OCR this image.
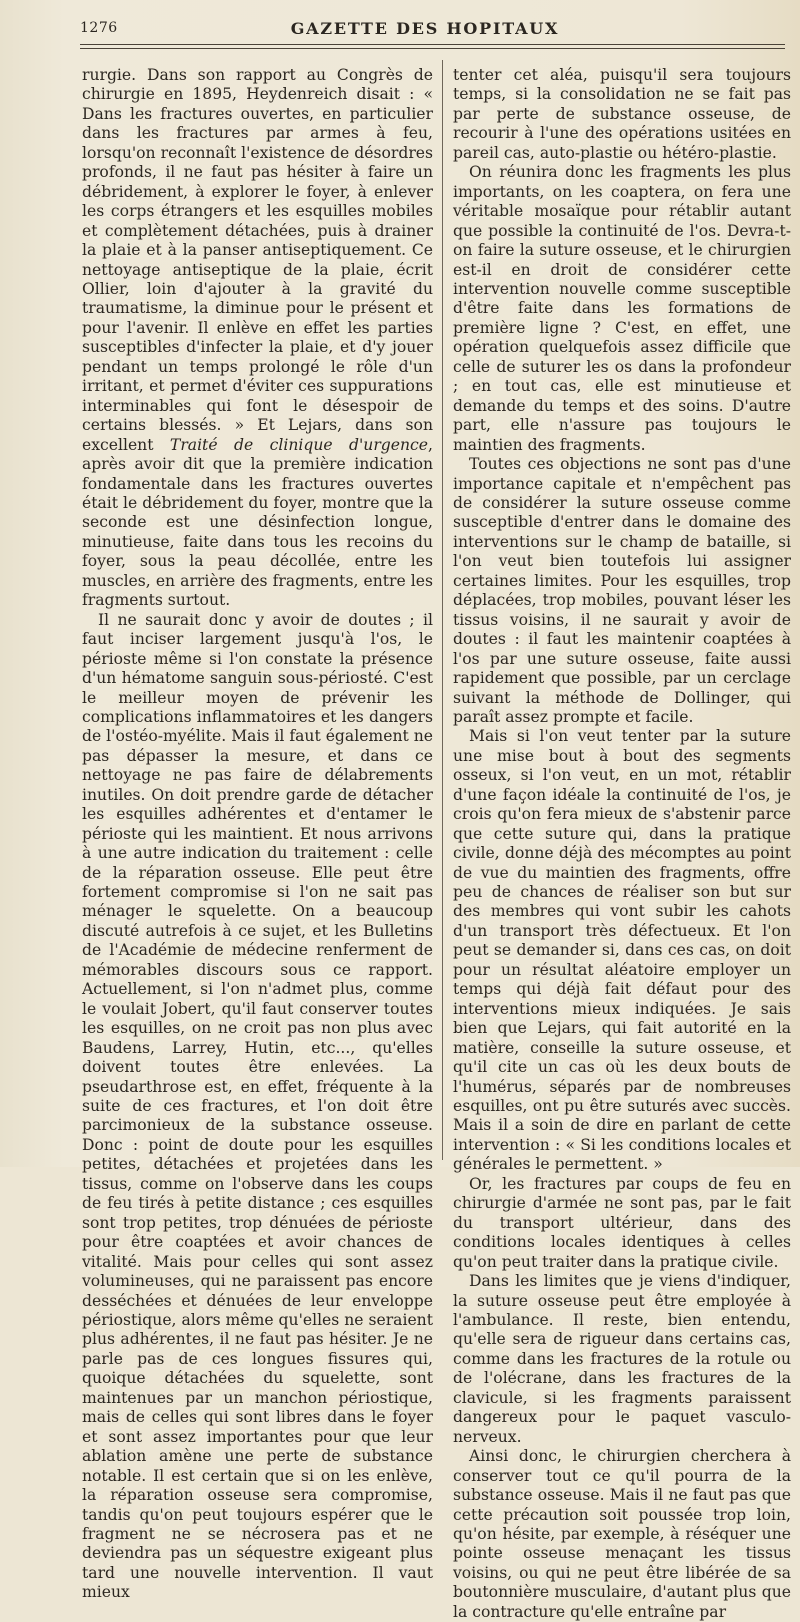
1276	GAZETTE DES HOPITAUX

rurgie. Dans son rapport au Congrès de chirurgie en 1895, Heydenreich disait : « Dans les fractures ouvertes, en particulier dans les fractures par armes à feu, lorsqu'on reconnaît l'existence de désordres profonds, il ne faut pas hésiter à faire un débridement, à explorer le foyer, à enlever les corps étrangers et les esquilles mobiles et complètement détachées, puis à drainer la plaie et à la panser antiseptiquement. Ce nettoyage antiseptique de la plaie, écrit Ollier, loin d'ajouter à la gravité du traumatisme, la diminue pour le présent et pour l'avenir. Il enlève en effet les parties susceptibles d'infecter la plaie, et d'y jouer pendant un temps prolongé le rôle d'un irritant, et permet d'éviter ces suppurations interminables qui font le désespoir de certains blessés. » Et Lejars, dans son excellent Traité de clinique d'urgence, après avoir dit que la première indication fondamentale dans les fractures ouvertes était le débridement du foyer, montre que la seconde est une désinfection longue, minutieuse, faite dans tous les recoins du foyer, sous la peau décollée, entre les muscles, en arrière des fragments, entre les fragments surtout.

Il ne saurait donc y avoir de doutes ; il faut inciser largement jusqu'à l'os, le périoste même si l'on constate la présence d'un hématome sanguin sous-périosté. C'est le meilleur moyen de prévenir les complications inflammatoires et les dangers de l'ostéo-myélite. Mais il faut également ne pas dépasser la mesure, et dans ce nettoyage ne pas faire de délabrements inutiles. On doit prendre garde de détacher les esquilles adhérentes et d'entamer le périoste qui les maintient. Et nous arrivons à une autre indication du traitement : celle de la réparation osseuse. Elle peut être fortement compromise si l'on ne sait pas ménager le squelette. On a beaucoup discuté autrefois à ce sujet, et les Bulletins de l'Académie de médecine renferment de mémorables discours sous ce rapport. Actuellement, si l'on n'admet plus, comme le voulait Jobert, qu'il faut conserver toutes les esquilles, on ne croit pas non plus avec Baudens, Larrey, Hutin, etc..., qu'elles doivent toutes être enlevées. La pseudarthrose est, en effet, fréquente à la suite de ces fractures, et l'on doit être parcimonieux de la substance osseuse. Donc : point de doute pour les esquilles petites, détachées et projetées dans les tissus, comme on l'observe dans les coups de feu tirés à petite distance ; ces esquilles sont trop petites, trop dénuées de périoste pour être coaptées et avoir chances de vitalité. Mais pour celles qui sont assez volumineuses, qui ne paraissent pas encore desséchées et dénuées de leur enveloppe périostique, alors même qu'elles ne seraient plus adhérentes, il ne faut pas hésiter. Je ne parle pas de ces longues fissures qui, quoique détachées du squelette, sont maintenues par un manchon périostique, mais de celles qui sont libres dans le foyer et sont assez importantes pour que leur ablation amène une perte de substance notable. Il est certain que si on les enlève, la réparation osseuse sera compromise, tandis qu'on peut toujours espérer que le fragment ne se nécrosera pas et ne deviendra pas un séquestre exigeant plus tard une nouvelle intervention. Il vaut mieux

tenter cet aléa, puisqu'il sera toujours temps, si la consolidation ne se fait pas par perte de substance osseuse, de recourir à l'une des opérations usitées en pareil cas, auto-plastie ou hétéro-plastie.

On réunira donc les fragments les plus importants, on les coaptera, on fera une véritable mosaïque pour rétablir autant que possible la continuité de l'os. Devra-t-on faire la suture osseuse, et le chirurgien est-il en droit de considérer cette intervention nouvelle comme susceptible d'être faite dans les formations de première ligne ? C'est, en effet, une opération quelquefois assez difficile que celle de suturer les os dans la profondeur ; en tout cas, elle est minutieuse et demande du temps et des soins. D'autre part, elle n'assure pas toujours le maintien des fragments.

Toutes ces objections ne sont pas d'une importance capitale et n'empêchent pas de considérer la suture osseuse comme susceptible d'entrer dans le domaine des interventions sur le champ de bataille, si l'on veut bien toutefois lui assigner certaines limites. Pour les esquilles, trop déplacées, trop mobiles, pouvant léser les tissus voisins, il ne saurait y avoir de doutes : il faut les maintenir coaptées à l'os par une suture osseuse, faite aussi rapidement que possible, par un cerclage suivant la méthode de Dollinger, qui paraît assez prompte et facile.

Mais si l'on veut tenter par la suture une mise bout à bout des segments osseux, si l'on veut, en un mot, rétablir d'une façon idéale la continuité de l'os, je crois qu'on fera mieux de s'abstenir parce que cette suture qui, dans la pratique civile, donne déjà des mécomptes au point de vue du maintien des fragments, offre peu de chances de réaliser son but sur des membres qui vont subir les cahots d'un transport très défectueux. Et l'on peut se demander si, dans ces cas, on doit pour un résultat aléatoire employer un temps qui déjà fait défaut pour des interventions mieux indiquées. Je sais bien que Lejars, qui fait autorité en la matière, conseille la suture osseuse, et qu'il cite un cas où les deux bouts de l'humérus, séparés par de nombreuses esquilles, ont pu être suturés avec succès. Mais il a soin de dire en parlant de cette intervention : « Si les conditions locales et générales le permettent. »

Or, les fractures par coups de feu en chirurgie d'armée ne sont pas, par le fait du transport ultérieur, dans des conditions locales identiques à celles qu'on peut traiter dans la pratique civile.

Dans les limites que je viens d'indiquer, la suture osseuse peut être employée à l'ambulance. Il reste, bien entendu, qu'elle sera de rigueur dans certains cas, comme dans les fractures de la rotule ou de l'olécrane, dans les fractures de la clavicule, si les fragments paraissent dangereux pour le paquet vasculo-nerveux.

Ainsi donc, le chirurgien cherchera à conserver tout ce qu'il pourra de la substance osseuse. Mais il ne faut pas que cette précaution soit poussée trop loin, qu'on hésite, par exemple, à réséquer une pointe osseuse menaçant les tissus voisins, ou qui ne peut être libérée de sa boutonnière musculaire, d'autant plus que la contracture qu'elle entraîne par
